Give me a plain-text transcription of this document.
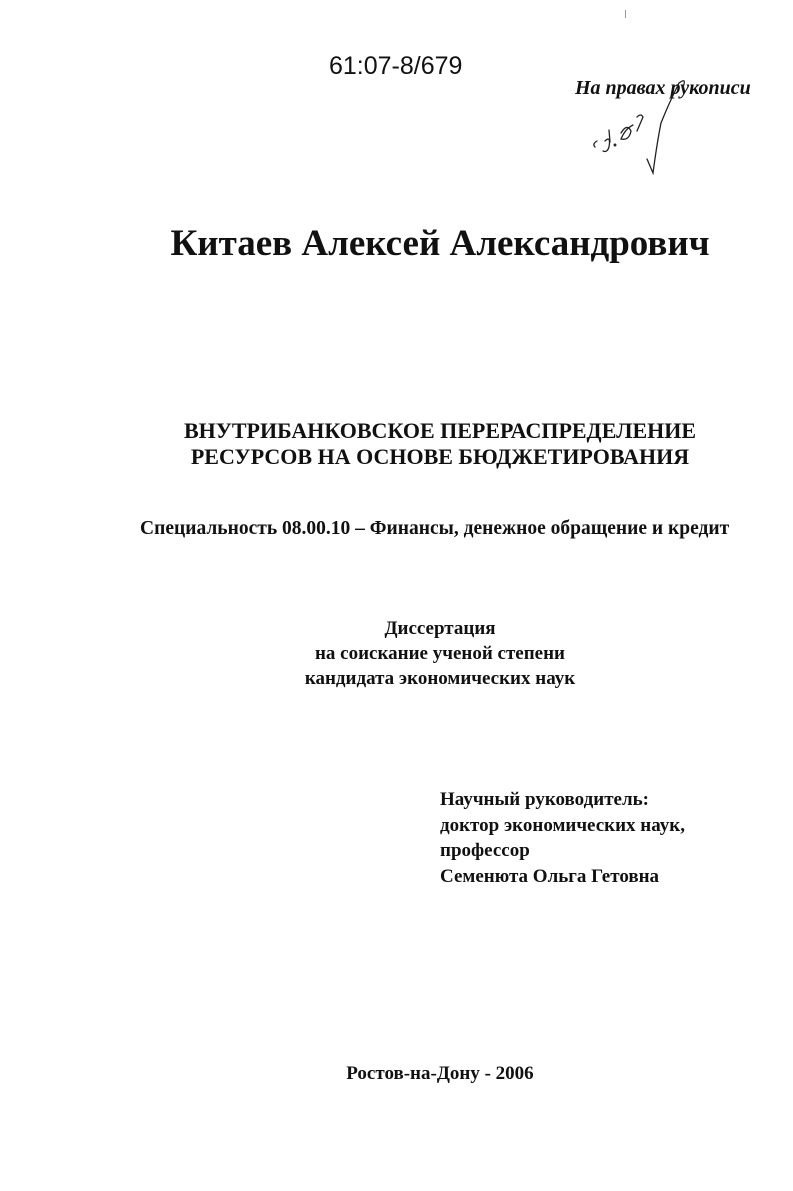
61:07-8/679
На правах рукописи
Китаев Алексей Александрович
ВНУТРИБАНКОВСКОЕ ПЕРЕРАСПРЕДЕЛЕНИЕ
РЕСУРСОВ НА ОСНОВЕ БЮДЖЕТИРОВАНИЯ
Специальность 08.00.10 – Финансы, денежное обращение и кредит
Диссертация
на соискание ученой степени
кандидата экономических наук
Научный руководитель:
доктор экономических наук,
профессор
Семенюта Ольга Гетовна
Ростов-на-Дону - 2006
